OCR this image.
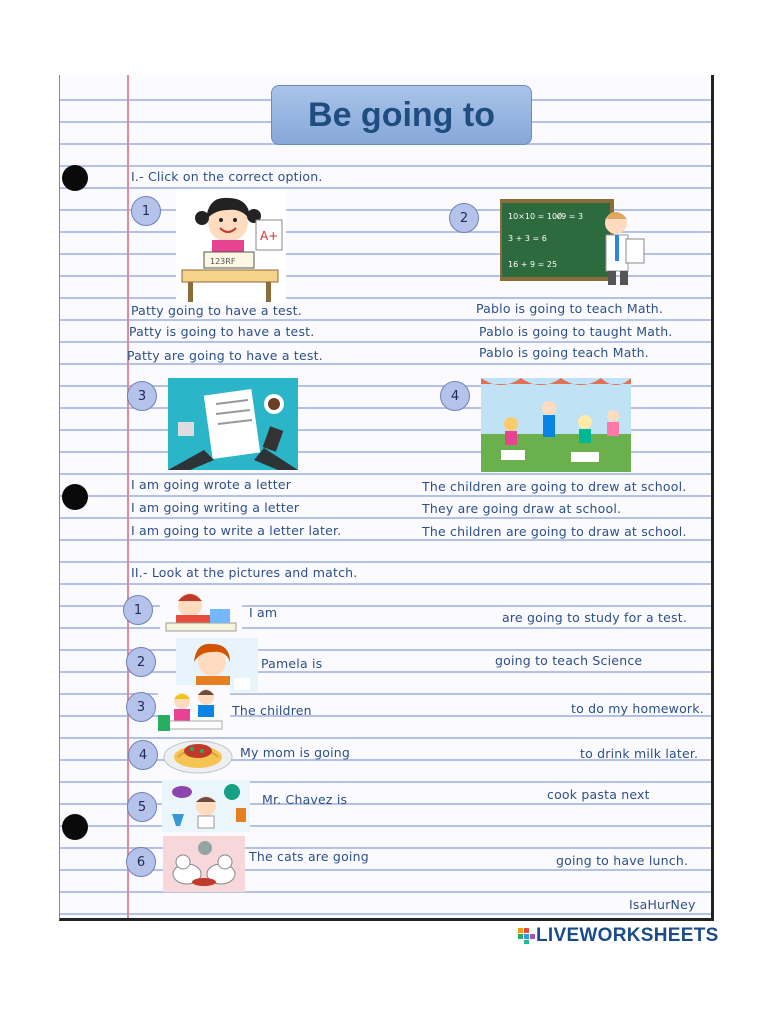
Be going to
I.- Click on the correct option.
1
A+
123RF
Patty going to have a test.
Patty is going to have a test.
Patty are going to have a test.
2	10×10 = 100
√9 = 3
3 + 3 = 6
16 + 9 = 25
Pablo is going to teach Math.
Pablo is going to taught Math.
Pablo is going teach Math.
3
I am going wrote a letter
I am going writing a letter
I am going to write a letter later.
4
The children are going to drew at school.
They are going draw at school.
The children are going to draw at school.
II.- Look at the pictures and match.
1	I am	are going to study for a test.
2	Pamela is	going to teach Science
3	The children	to do my homework.
4	My mom is going	to drink milk later.
5	Mr. Chavez is	cook pasta next
6	The cats are going	going to have lunch.
IsaHurNey
LIVEWORKSHEETS
